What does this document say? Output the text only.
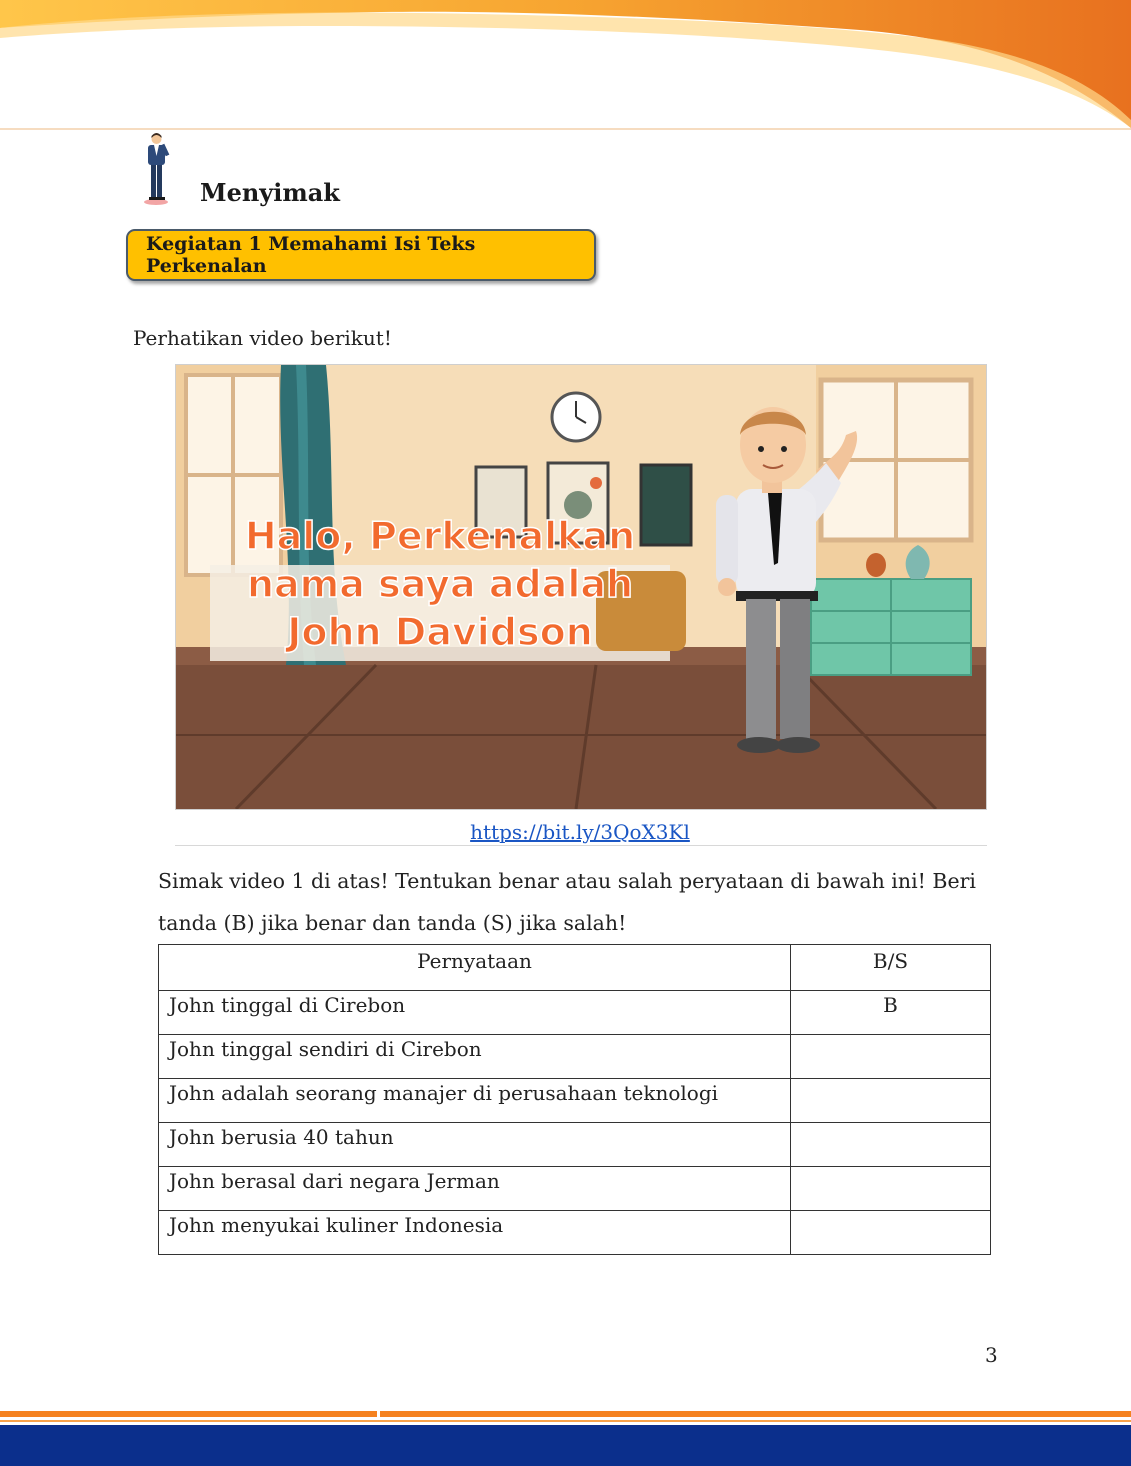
Menyimak
Kegiatan 1 Memahami Isi Teks Perkenalan
Perhatikan video berikut!
Halo, Perkenalkan
nama saya adalah
John Davidson
https://bit.ly/3QoX3Kl
Simak video 1 di atas! Tentukan benar atau salah peryataan di bawah ini! Beri tanda (B) jika benar dan tanda (S) jika salah!
Pernyataan	B/S
John tinggal di Cirebon	B
John tinggal sendiri di Cirebon	
John adalah seorang manajer di perusahaan teknologi	
John berusia 40 tahun	
John berasal dari negara Jerman	
John menyukai kuliner Indonesia	
3
